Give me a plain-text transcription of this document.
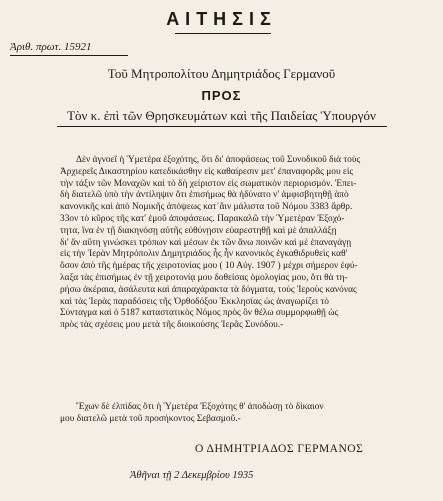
ΑΙΤΗΣΙΣ
Ἀριθ. πρωτ. 15921
Τοῦ Μητροπολίτου Δημητριάδος Γερμανοῦ
ΠΡΟΣ
Τὸν κ. ἐπὶ τῶν Θρησκευμάτων καὶ τῆς Παιδείας Ὑπουργόν

Δὲν ἀγνοεῖ ἡ Ὑμετέρα ἐξοχότης, ὅτι δι' ἀποφάσεως τοῦ Συνοδικοῦ διὰ τοὺς

Ἀρχιερεῖς Δικαστηρίου κατεδικάσθην εἰς καθαίρεσιν μετ' ἐπαναφορᾶς μου εἰς

τὴν τάξιν τῶν Μοναχῶν καὶ τὸ δὴ χείριστον εἰς σωματικὸν περιορισμόν. Ἐπει-

δὴ διατελῶ ὑπὸ τὴν ἀντίληψιν ὅτι ἐπισήμως θὰ ἠδύνατο ν' ἀμφισβητηθῇ ἀπὸ

κανονικῆς καὶ ἀπὸ Νομικῆς ἀπόψεως κατ᾽ἄιν μάλιστα τοῦ Νόμου 3383 ἄρθρ.

33ον τὸ κῦρος τῆς κατ' ἐμοῦ ἀποφάσεως. Παρακαλῶ τὴν Ὑμετέραν Ἐξοχό-

τητα, ἵνα ἐν τῇ διακηνόσῃ αὐτῆς εὐθύνῃσιν εὐαρεστηθῇ καὶ μὲ ἀπαλλάξῃ

δι' ἄν αὕτη γινώσκει τρόπων καὶ μέσων ἐκ τῶν ἄνω ποινῶν καὶ μὲ ἐπαναγάγῃ

εἰς τὴν Ἱερὰν Μητρόπολιν Δημητριάδος ἧς ἦν κανονικὸς ἐγκαθιδρυθεὶς καθ'

ὅσον ἀπὸ τῆς ἡμέρας τῆς χειροτονίας μου ( 10 Αὐγ. 1907 ) μέχρι σήμερον ἐφύ-

λαξα τὰς ἐπισήμως ἐν τῇ χειροτονίᾳ μου δοθείσας ὁμολογίας μου, ὅτι θὰ τη-

ρήσω ἀκέραια, ἀσάλευτα καὶ ἀπαραχάρακτα τὰ δόγματα, τοὺς Ἱεροὺς κανόνας

καὶ τὰς Ἱερὰς παραδόσεις τῆς Ὀρθοδόξου Ἐκκλησίας ὡς ἀναγωρίζει τὸ

Σύνταγμα καὶ ὁ 5187 καταστατικὸς Νόμος πρὸς ὃν θέλω συμμορφωθῇ ὡς

πρὸς τὰς σχέσεις μου μετὰ τῆς διοικούσης Ἱερᾶς Συνόδου.-

Ἔχων δὲ ἐλπίδας ὅτι ἡ Ὑμετέρα Ἐξοχότης θ' ἀποδώσῃ τὸ δίκαιον

μου διατελῶ μετὰ τοῦ προσήκοντος Σεβασμοῦ.-

Ο ΔΗΜΗΤΡΙΑΔΟΣ ΓΕΡΜΑΝΟΣ
Ἀθῆναι τῇ 2 Δεκεμβρίου 1935
